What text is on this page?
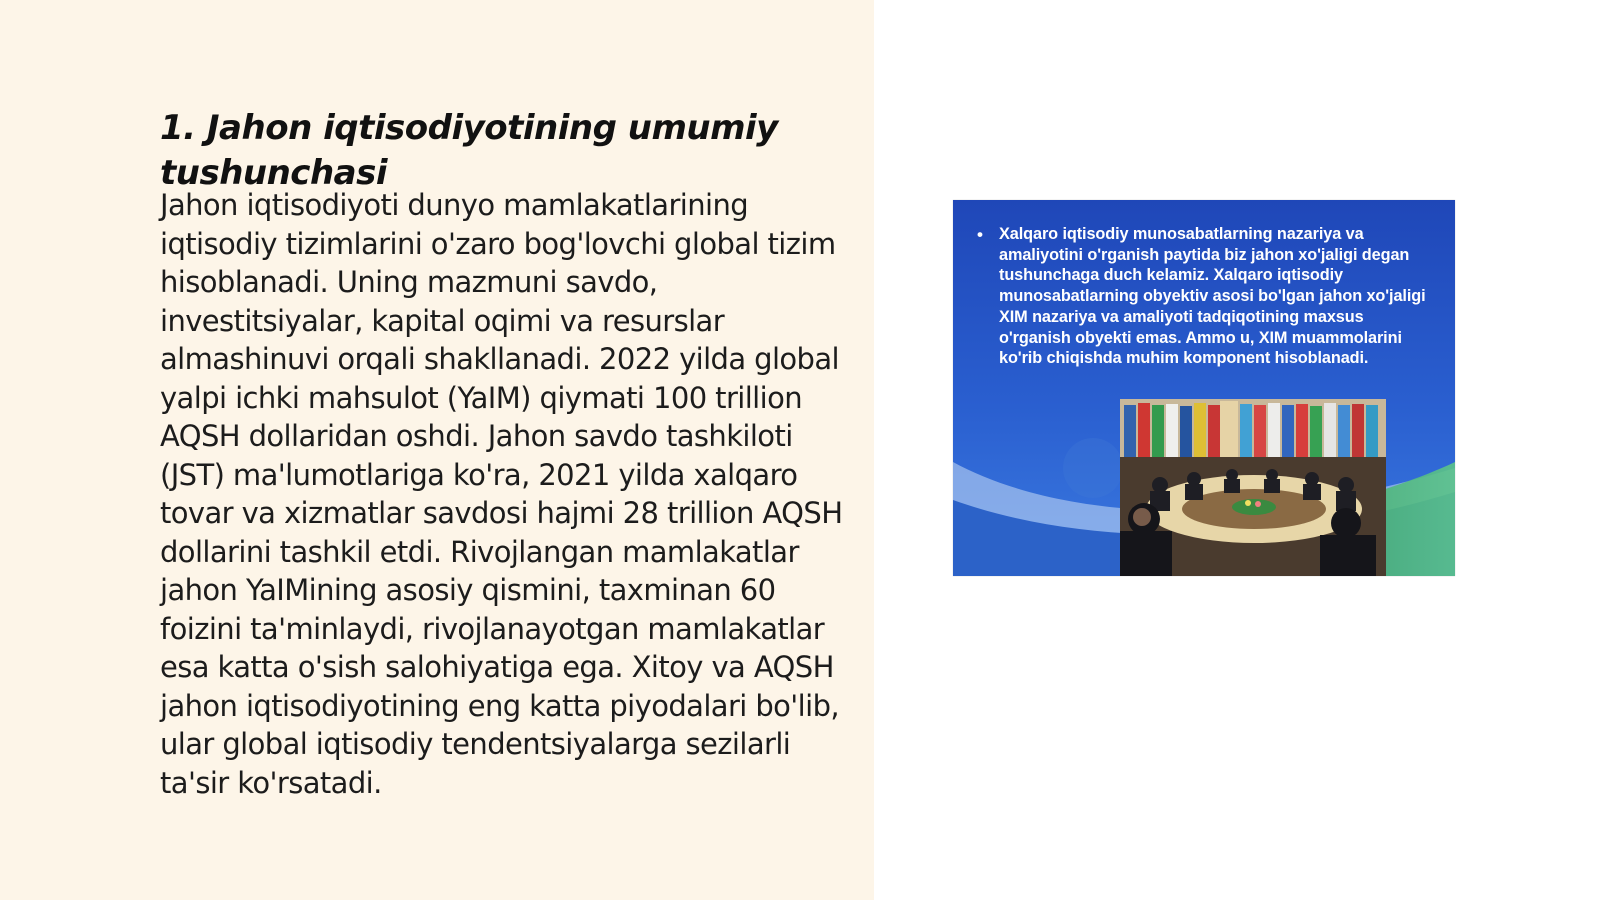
1. Jahon iqtisodiyotining umumiy tushunchasi

Jahon iqtisodiyoti dunyo mamlakatlarining iqtisodiy tizimlarini o'zaro bog'lovchi global tizim hisoblanadi. Uning mazmuni savdo, investitsiyalar, kapital oqimi va resurslar almashinuvi orqali shakllanadi. 2022 yilda global yalpi ichki mahsulot (YaIM) qiymati 100 trillion AQSH dollaridan oshdi. Jahon savdo tashkiloti (JST) ma'lumotlariga ko'ra, 2021 yilda xalqaro tovar va xizmatlar savdosi hajmi 28 trillion AQSH dollarini tashkil etdi. Rivojlangan mamlakatlar jahon YaIMining asosiy qismini, taxminan 60 foizini ta'minlaydi, rivojlanayotgan mamlakatlar esa katta o'sish salohiyatiga ega. Xitoy va AQSH jahon iqtisodiyotining eng katta piyodalari bo'lib, ular global iqtisodiy tendentsiyalarga sezilarli ta'sir ko'rsatadi.

• Xalqaro iqtisodiy munosabatlarning nazariya va amaliyotini o'rganish paytida biz jahon xo'jaligi degan tushunchaga duch kelamiz. Xalqaro iqtisodiy munosabatlarning obyektiv asosi bo'lgan jahon xo'jaligi XIM nazariya va amaliyoti tadqiqotining maxsus o'rganish obyekti emas. Ammo u, XIM muammolarini ko'rib chiqishda muhim komponent hisoblanadi.
